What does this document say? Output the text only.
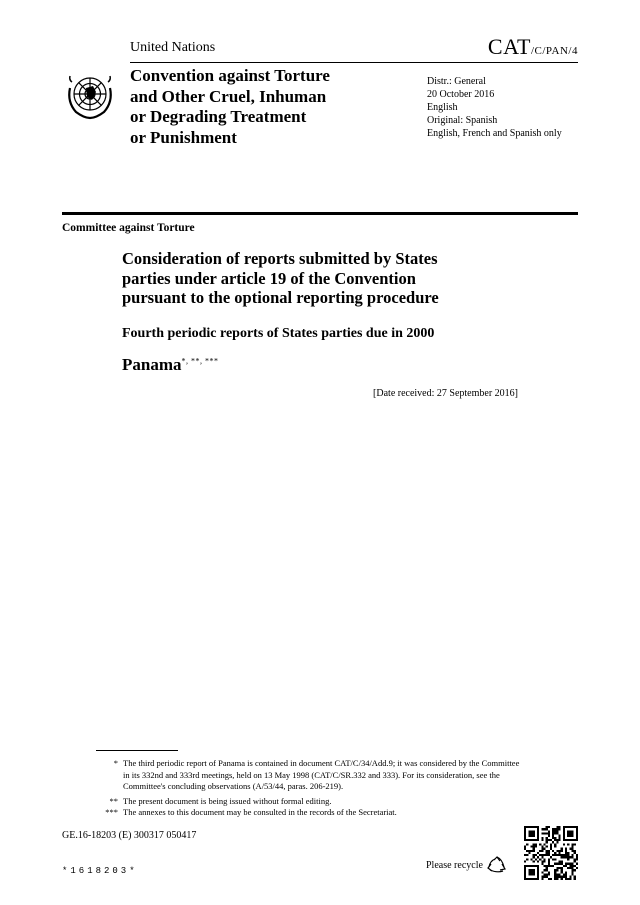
United Nations	CAT/C/PAN/4
Convention against Torture
and Other Cruel, Inhuman
or Degrading Treatment
or Punishment
Distr.: General
20 October 2016
English
Original: Spanish
English, French and Spanish only
Committee against Torture
Consideration of reports submitted by States
parties under article 19 of the Convention
pursuant to the optional reporting procedure
Fourth periodic reports of States parties due in 2000
Panama*, **, ***
[Date received: 27 September 2016]
* The third periodic report of Panama is contained in document CAT/C/34/Add.9; it was considered by the Committee in its 332nd and 333rd meetings, held on 13 May 1998 (CAT/C/SR.332 and 333). For its consideration, see the Committee's concluding observations (A/53/44, paras. 206-219).
** The present document is being issued without formal editing.
*** The annexes to this document may be consulted in the records of the Secretariat.
GE.16-18203 (E) 300317 050417
*1618203*
Please recycle
